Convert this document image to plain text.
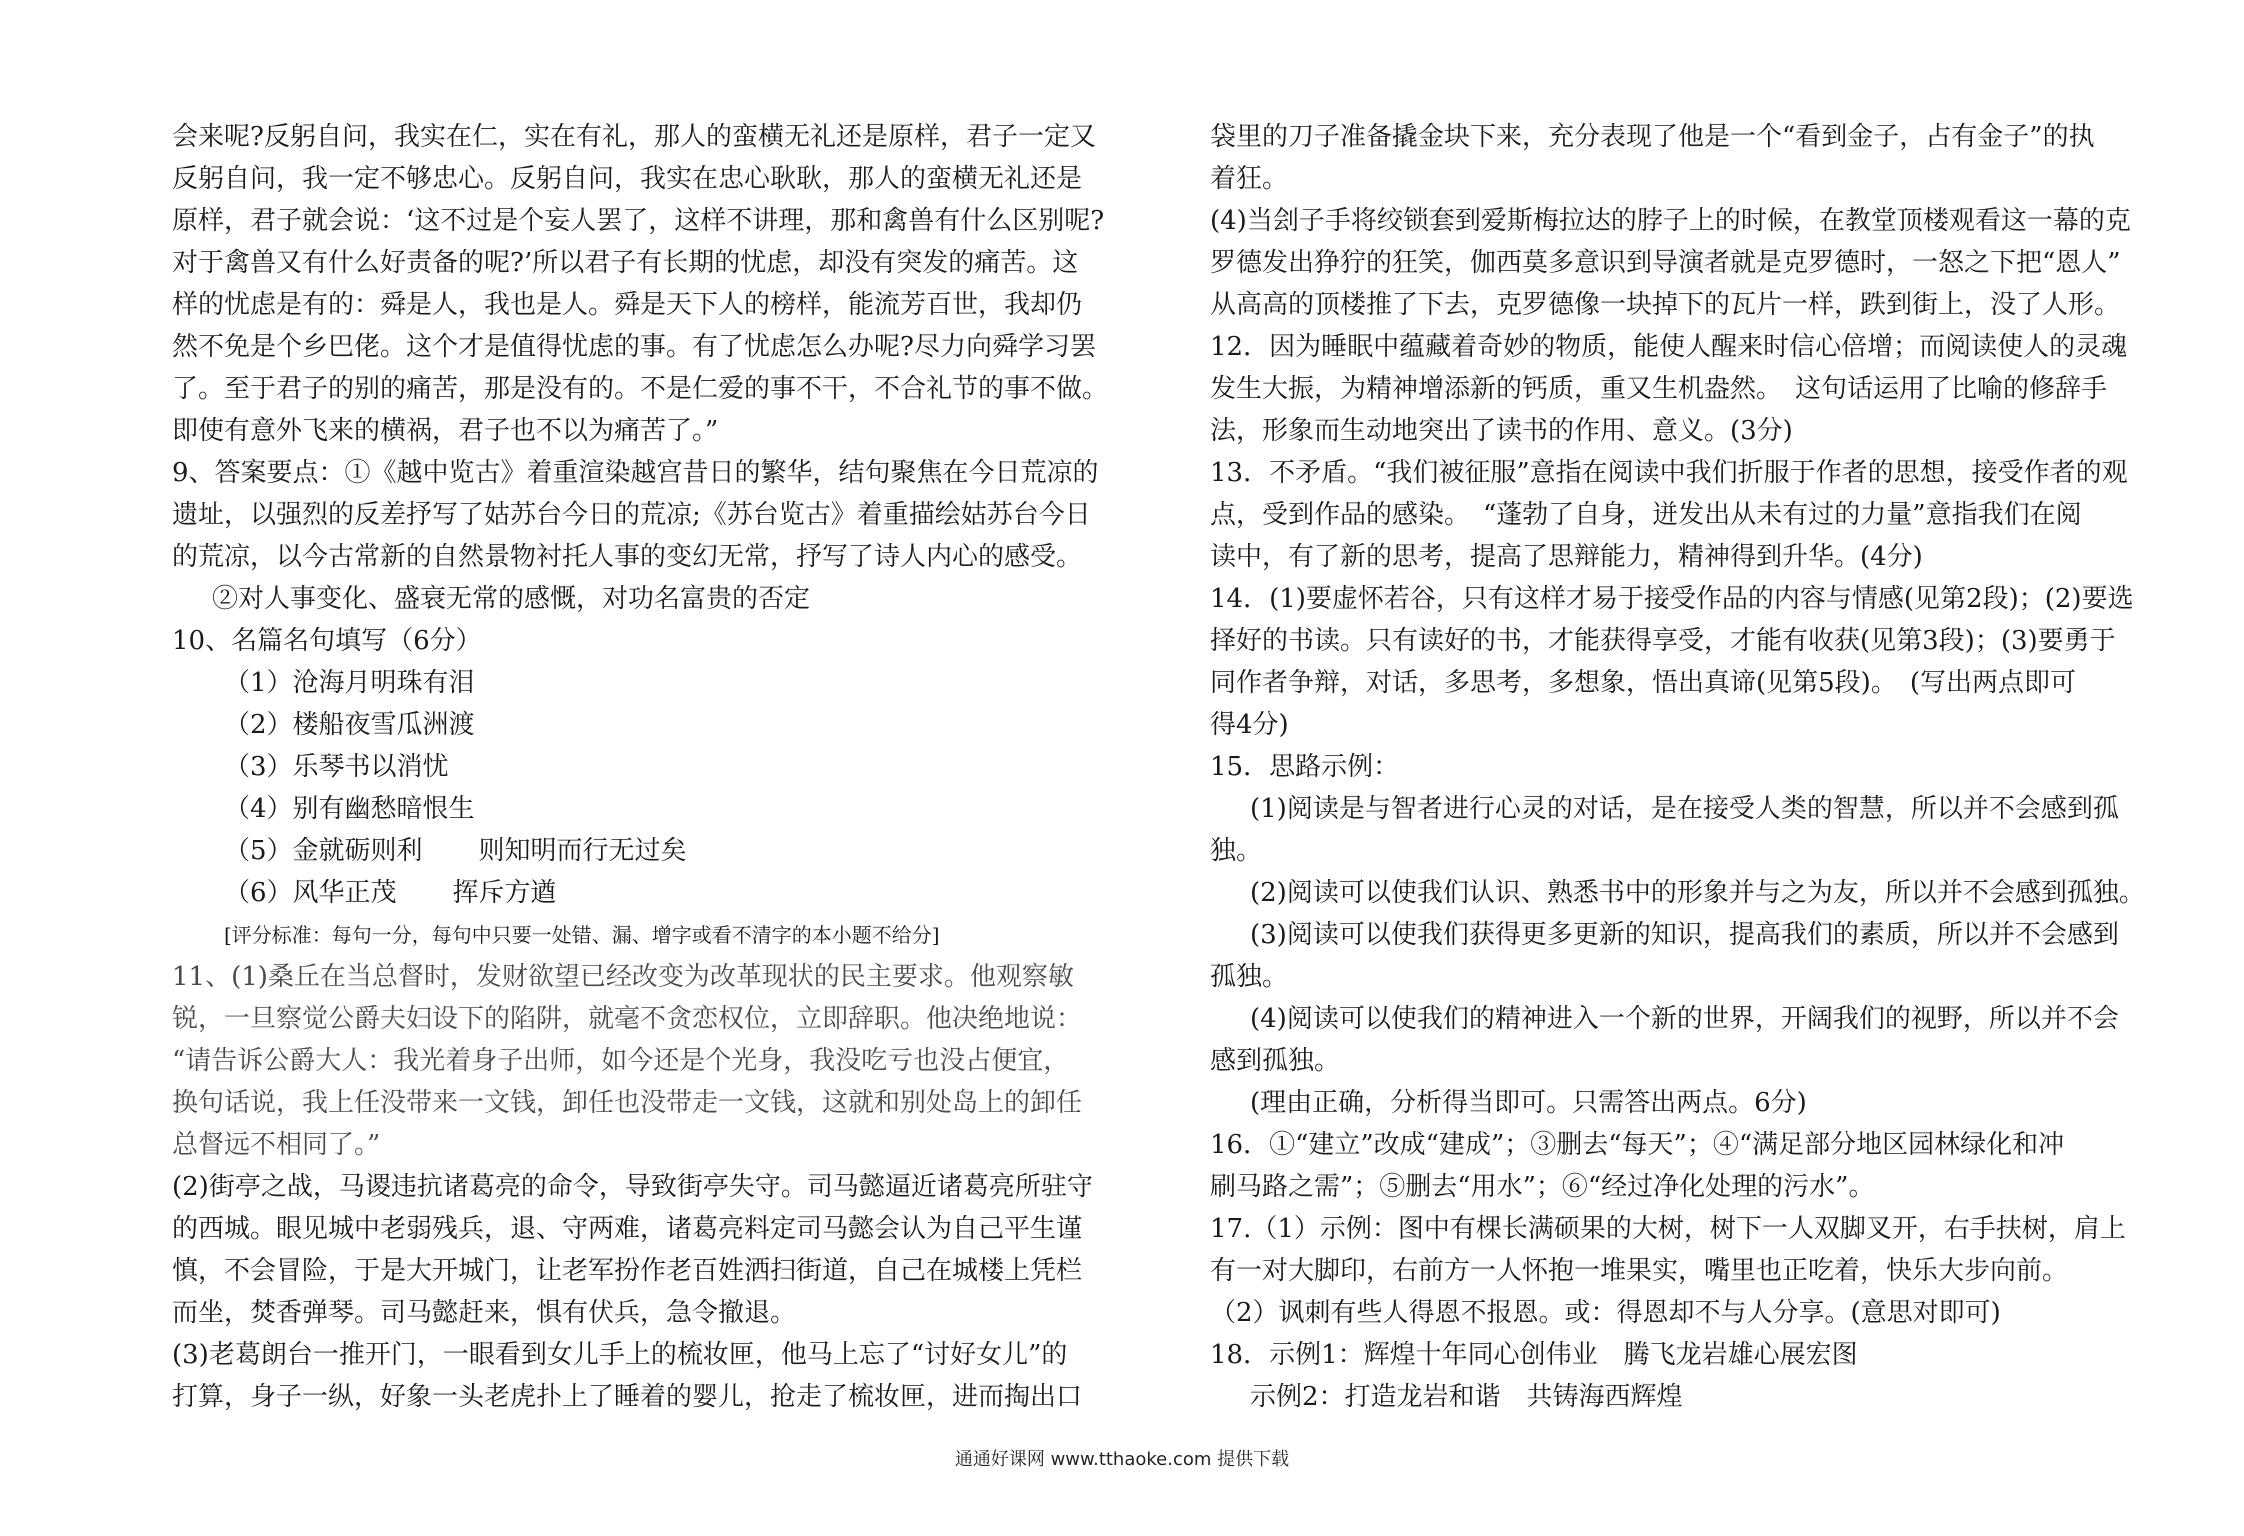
会来呢?反躬自问，我实在仁，实在有礼，那人的蛮横无礼还是原样，君子一定又
反躬自问，我一定不够忠心。反躬自问，我实在忠心耿耿，那人的蛮横无礼还是
原样，君子就会说：‘这不过是个妄人罢了，这样不讲理，那和禽兽有什么区别呢?
对于禽兽又有什么好责备的呢?’所以君子有长期的忧虑，却没有突发的痛苦。这
样的忧虑是有的：舜是人，我也是人。舜是天下人的榜样，能流芳百世，我却仍
然不免是个乡巴佬。这个才是值得忧虑的事。有了忧虑怎么办呢?尽力向舜学习罢
了。至于君子的别的痛苦，那是没有的。不是仁爱的事不干，不合礼节的事不做。
即使有意外飞来的横祸，君子也不以为痛苦了。”
9、答案要点：①《越中览古》着重渲染越宫昔日的繁华，结句聚焦在今日荒凉的
遗址，以强烈的反差抒写了姑苏台今日的荒凉;《苏台览古》着重描绘姑苏台今日
的荒凉，以今古常新的自然景物衬托人事的变幻无常，抒写了诗人内心的感受。
②对人事变化、盛衰无常的感慨，对功名富贵的否定
10、名篇名句填写（6分）
（1）沧海月明珠有泪
（2）楼船夜雪瓜洲渡
（3）乐琴书以消忧
（4）别有幽愁暗恨生
（5）金就砺则利 则知明而行无过矣
（6）风华正茂 挥斥方遒
[评分标准：每句一分，每句中只要一处错、漏、增字或看不清字的本小题不给分]
11、(1)桑丘在当总督时，发财欲望已经改变为改革现状的民主要求。他观察敏
锐，一旦察觉公爵夫妇设下的陷阱，就毫不贪恋权位，立即辞职。他决绝地说：
“请告诉公爵大人：我光着身子出师，如今还是个光身，我没吃亏也没占便宜，
换句话说，我上任没带来一文钱，卸任也没带走一文钱，这就和别处岛上的卸任
总督远不相同了。”
(2)街亭之战，马谡违抗诸葛亮的命令，导致街亭失守。司马懿逼近诸葛亮所驻守
的西城。眼见城中老弱残兵，退、守两难，诸葛亮料定司马懿会认为自己平生谨
慎，不会冒险，于是大开城门，让老军扮作老百姓洒扫街道，自己在城楼上凭栏
而坐，焚香弹琴。司马懿赶来，惧有伏兵，急令撤退。
(3)老葛朗台一推开门，一眼看到女儿手上的梳妆匣，他马上忘了“讨好女儿”的
打算，身子一纵，好象一头老虎扑上了睡着的婴儿，抢走了梳妆匣，进而掏出口
袋里的刀子准备撬金块下来，充分表现了他是一个“看到金子，占有金子”的执
着狂。
(4)当刽子手将绞锁套到爱斯梅拉达的脖子上的时候，在教堂顶楼观看这一幕的克
罗德发出狰狞的狂笑，伽西莫多意识到导演者就是克罗德时，一怒之下把“恩人”
从高高的顶楼推了下去，克罗德像一块掉下的瓦片一样，跌到街上，没了人形。
12．因为睡眠中蕴藏着奇妙的物质，能使人醒来时信心倍增；而阅读使人的灵魂
发生大振，为精神增添新的钙质，重又生机盎然。　这句话运用了比喻的修辞手
法，形象而生动地突出了读书的作用、意义。(3分)
13．不矛盾。“我们被征服”意指在阅读中我们折服于作者的思想，接受作者的观
点，受到作品的感染。　“蓬勃了自身，迸发出从未有过的力量”意指我们在阅
读中，有了新的思考，提高了思辩能力，精神得到升华。(4分)
14．(1)要虚怀若谷，只有这样才易于接受作品的内容与情感(见第2段)；(2)要选
择好的书读。只有读好的书，才能获得享受，才能有收获(见第3段)；(3)要勇于
同作者争辩，对话，多思考，多想象，悟出真谛(见第5段)。　(写出两点即可
得4分)
15．思路示例：
(1)阅读是与智者进行心灵的对话，是在接受人类的智慧，所以并不会感到孤
独。
(2)阅读可以使我们认识、熟悉书中的形象并与之为友，所以并不会感到孤独。
(3)阅读可以使我们获得更多更新的知识，提高我们的素质，所以并不会感到
孤独。
(4)阅读可以使我们的精神进入一个新的世界，开阔我们的视野，所以并不会
感到孤独。
(理由正确，分析得当即可。只需答出两点。6分)
16．①“建立”改成“建成”；③删去“每天”；④“满足部分地区园林绿化和冲
刷马路之需”；⑤删去“用水”；⑥“经过净化处理的污水”。
17.（1）示例：图中有棵长满硕果的大树，树下一人双脚叉开，右手扶树，肩上
有一对大脚印，右前方一人怀抱一堆果实，嘴里也正吃着，快乐大步向前。
（2）讽刺有些人得恩不报恩。或：得恩却不与人分享。(意思对即可)
18．示例1：辉煌十年同心创伟业　腾飞龙岩雄心展宏图
示例2：打造龙岩和谐　共铸海西辉煌
通通好课网 www.tthaoke.com 提供下载
